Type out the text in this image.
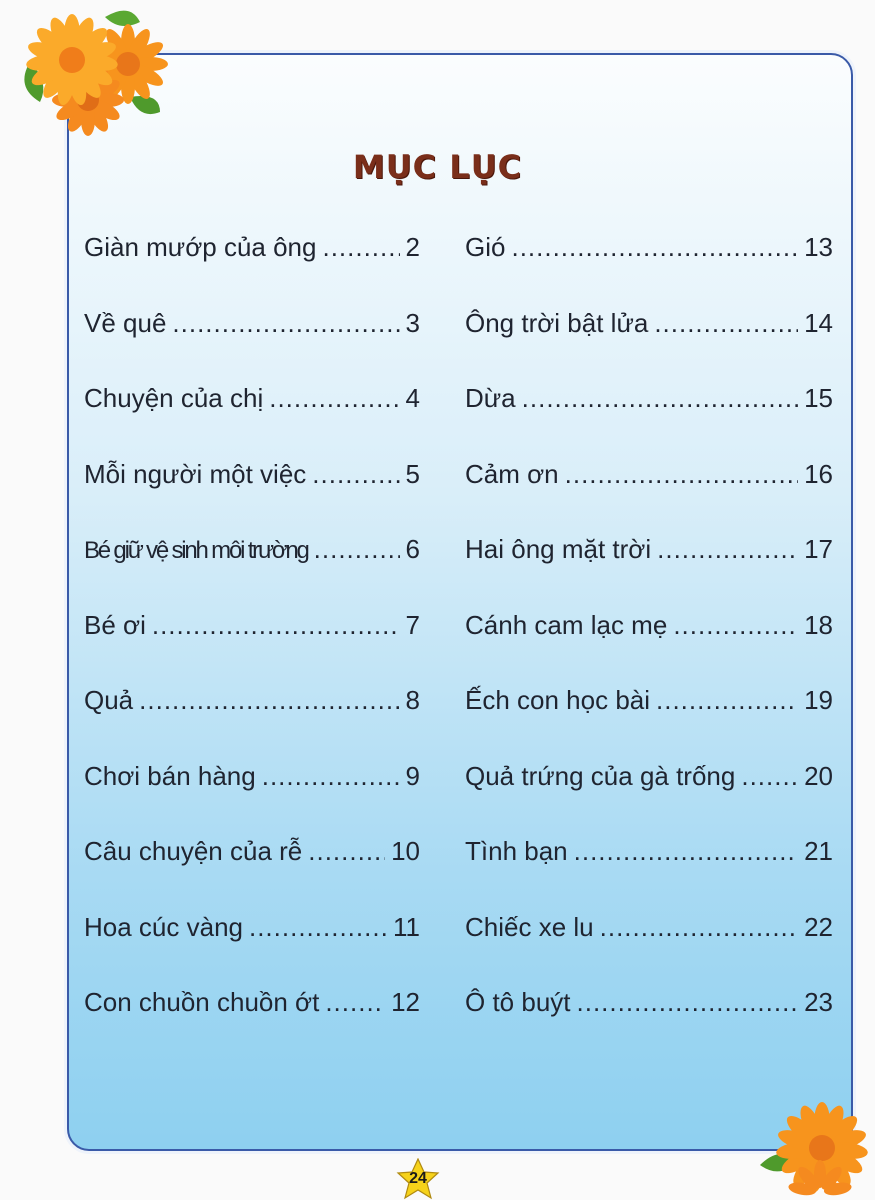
MỤC LỤC
Giàn mướp của ông .....	2
Về quê .....	3
Chuyện của chị .....	4
Mỗi người một việc .....	5
Bé giữ vệ sinh môi trường .....	6
Bé ơi .....	7
Quả .....	8
Chơi bán hàng .....	9
Câu chuyện của rễ .....	10
Hoa cúc vàng .....	11
Con chuồn chuồn ớt .....	12
Gió .....	13
Ông trời bật lửa .....	14
Dừa .....	15
Cảm ơn .....	16
Hai ông mặt trời .....	17
Cánh cam lạc mẹ .....	18
Ếch con học bài .....	19
Quả trứng của gà trống .....	20
Tình bạn .....	21
Chiếc xe lu .....	22
Ô tô buýt .....	23
24
